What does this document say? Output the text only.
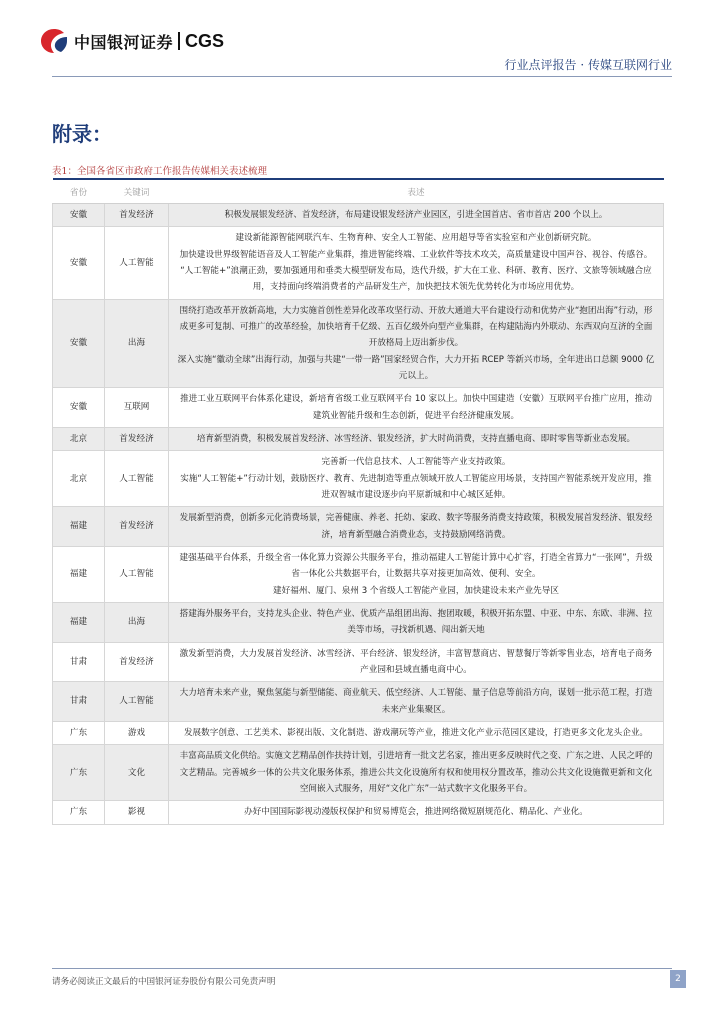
中国银河证券 CGS
行业点评报告 · 传媒互联网行业
附录：
表1：全国各省区市政府工作报告传媒相关表述梳理
省份	关键词	表述
安徽	首发经济	积极发展银发经济、首发经济，布局建设银发经济产业园区，引进全国首店、省市首店 200 个以上。

安徽	人工智能	建设新能源智能网联汽车、生物育种、安全人工智能、应用超导等省实验室和产业创新研究院。

加快建设世界级智能语音及人工智能产业集群，推进智能终端、工业软件等技术攻关，高质量建设中国声谷、视谷、传感谷。

“人工智能+”浪潮正劲，要加强通用和垂类大模型研发布局，迭代升级，扩大在工业、科研、教育、医疗、文旅等领域融合应用，支持面向终端消费者的产品研发生产，加快把技术领先优势转化为市场应用优势。

安徽	出海	围绕打造改革开放新高地，大力实施首创性差异化改革攻坚行动、开放大通道大平台建设行动和优势产业“抱团出海”行动，形成更多可复制、可推广的改革经验，加快培育千亿级、五百亿级外向型产业集群，在构建陆海内外联动、东西双向互济的全面开放格局上迈出新步伐。

深入实施“徽动全球”出海行动，加强与共建“一带一路”国家经贸合作，大力开拓 RCEP 等新兴市场，全年进出口总额 9000 亿元以上。

安徽	互联网	推进工业互联网平台体系化建设，新培育省级工业互联网平台 10 家以上。加快中国建造（安徽）互联网平台推广应用，推动建筑业智能升级和生态创新，促进平台经济健康发展。

北京	首发经济	培育新型消费，积极发展首发经济、冰雪经济、银发经济，扩大时尚消费，支持直播电商、即时零售等新业态发展。

北京	人工智能	完善新一代信息技术、人工智能等产业支持政策。

实施“人工智能+”行动计划，鼓励医疗、教育、先进制造等重点领域开放人工智能应用场景，支持国产智能系统开发应用，推进双智城市建设逐步向平原新城和中心城区延伸。

福建	首发经济	发展新型消费，创新多元化消费场景，完善健康、养老、托幼、家政、数字等服务消费支持政策，积极发展首发经济、银发经济，培育新型融合消费业态，支持鼓励网络消费。

福建	人工智能	建强基础平台体系，升级全省一体化算力资源公共服务平台，推动福建人工智能计算中心扩容，打造全省算力“一张网”，升级省一体化公共数据平台，让数据共享对接更加高效、便利、安全。

建好福州、厦门、泉州 3 个省级人工智能产业园，加快建设未来产业先导区

福建	出海	搭建海外服务平台，支持龙头企业、特色产业、优质产品组团出海、抱团取暖，积极开拓东盟、中亚、中东、东欧、非洲、拉美等市场，寻找新机遇、闯出新天地

甘肃	首发经济	激发新型消费，大力发展首发经济、冰雪经济、平台经济、银发经济，丰富智慧商店、智慧餐厅等新零售业态，培育电子商务产业园和县域直播电商中心。

甘肃	人工智能	大力培育未来产业，聚焦氢能与新型储能、商业航天、低空经济、人工智能、量子信息等前沿方向，谋划一批示范工程，打造未来产业集聚区。

广东	游戏	发展数字创意、工艺美术、影视出版、文化制造、游戏潮玩等产业，推进文化产业示范园区建设，打造更多文化龙头企业。

广东	文化	丰富高品质文化供给。实施文艺精品创作扶持计划，引进培育一批文艺名家，推出更多反映时代之变、广东之进、人民之呼的文艺精品。完善城乡一体的公共文化服务体系，推进公共文化设施所有权和使用权分置改革，推动公共文化设施微更新和文化空间嵌入式服务，用好“文化广东”一站式数字文化服务平台。

广东	影视	办好中国国际影视动漫版权保护和贸易博览会，推进网络微短剧规范化、精品化、产业化。

请务必阅读正文最后的中国银河证券股份有限公司免责声明	2
